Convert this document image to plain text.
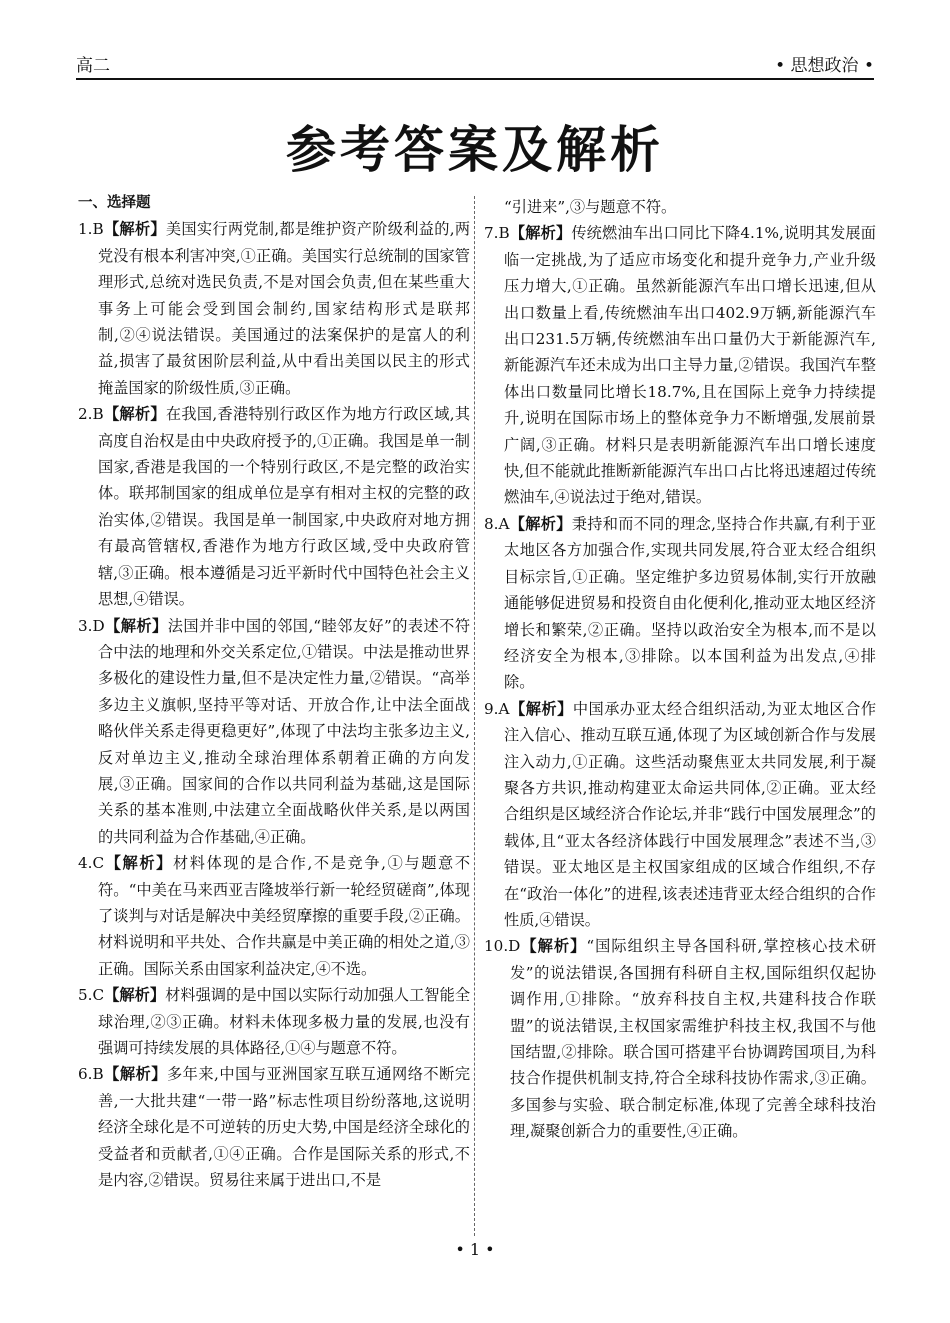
高二	• 思想政治 •
参考答案及解析
一、选择题
1.B【解析】美国实行两党制,都是维护资产阶级利益的,两党没有根本利害冲突,①正确。美国实行总统制的国家管理形式,总统对选民负责,不是对国会负责,但在某些重大事务上可能会受到国会制约,国家结构形式是联邦制,②④说法错误。美国通过的法案保护的是富人的利益,损害了最贫困阶层利益,从中看出美国以民主的形式掩盖国家的阶级性质,③正确。
2.B【解析】在我国,香港特别行政区作为地方行政区域,其高度自治权是由中央政府授予的,①正确。我国是单一制国家,香港是我国的一个特别行政区,不是完整的政治实体。联邦制国家的组成单位是享有相对主权的完整的政治实体,②错误。我国是单一制国家,中央政府对地方拥有最高管辖权,香港作为地方行政区域,受中央政府管辖,③正确。根本遵循是习近平新时代中国特色社会主义思想,④错误。
3.D【解析】法国并非中国的邻国,“睦邻友好”的表述不符合中法的地理和外交关系定位,①错误。中法是推动世界多极化的建设性力量,但不是决定性力量,②错误。“高举多边主义旗帜,坚持平等对话、开放合作,让中法全面战略伙伴关系走得更稳更好”,体现了中法均主张多边主义,反对单边主义,推动全球治理体系朝着正确的方向发展,③正确。国家间的合作以共同利益为基础,这是国际关系的基本准则,中法建立全面战略伙伴关系,是以两国的共同利益为合作基础,④正确。
4.C【解析】材料体现的是合作,不是竞争,①与题意不符。“中美在马来西亚吉隆坡举行新一轮经贸磋商”,体现了谈判与对话是解决中美经贸摩擦的重要手段,②正确。材料说明和平共处、合作共赢是中美正确的相处之道,③正确。国际关系由国家利益决定,④不选。
5.C【解析】材料强调的是中国以实际行动加强人工智能全球治理,②③正确。材料未体现多极力量的发展,也没有强调可持续发展的具体路径,①④与题意不符。
6.B【解析】多年来,中国与亚洲国家互联互通网络不断完善,一大批共建“一带一路”标志性项目纷纷落地,这说明经济全球化是不可逆转的历史大势,中国是经济全球化的受益者和贡献者,①④正确。合作是国际关系的形式,不是内容,②错误。贸易往来属于进出口,不是
“引进来”,③与题意不符。
7.B【解析】传统燃油车出口同比下降4.1%,说明其发展面临一定挑战,为了适应市场变化和提升竞争力,产业升级压力增大,①正确。虽然新能源汽车出口增长迅速,但从出口数量上看,传统燃油车出口402.9万辆,新能源汽车出口231.5万辆,传统燃油车出口量仍大于新能源汽车,新能源汽车还未成为出口主导力量,②错误。我国汽车整体出口数量同比增长18.7%,且在国际上竞争力持续提升,说明在国际市场上的整体竞争力不断增强,发展前景广阔,③正确。材料只是表明新能源汽车出口增长速度快,但不能就此推断新能源汽车出口占比将迅速超过传统燃油车,④说法过于绝对,错误。
8.A【解析】秉持和而不同的理念,坚持合作共赢,有利于亚太地区各方加强合作,实现共同发展,符合亚太经合组织目标宗旨,①正确。坚定维护多边贸易体制,实行开放融通能够促进贸易和投资自由化便利化,推动亚太地区经济增长和繁荣,②正确。坚持以政治安全为根本,而不是以经济安全为根本,③排除。以本国利益为出发点,④排除。
9.A【解析】中国承办亚太经合组织活动,为亚太地区合作注入信心、推动互联互通,体现了为区域创新合作与发展注入动力,①正确。这些活动聚焦亚太共同发展,利于凝聚各方共识,推动构建亚太命运共同体,②正确。亚太经合组织是区域经济合作论坛,并非“践行中国发展理念”的载体,且“亚太各经济体践行中国发展理念”表述不当,③错误。亚太地区是主权国家组成的区域合作组织,不存在“政治一体化”的进程,该表述违背亚太经合组织的合作性质,④错误。
10.D【解析】“国际组织主导各国科研,掌控核心技术研发”的说法错误,各国拥有科研自主权,国际组织仅起协调作用,①排除。“放弃科技自主权,共建科技合作联盟”的说法错误,主权国家需维护科技主权,我国不与他国结盟,②排除。联合国可搭建平台协调跨国项目,为科技合作提供机制支持,符合全球科技协作需求,③正确。多国参与实验、联合制定标准,体现了完善全球科技治理,凝聚创新合力的重要性,④正确。
• 1 •
